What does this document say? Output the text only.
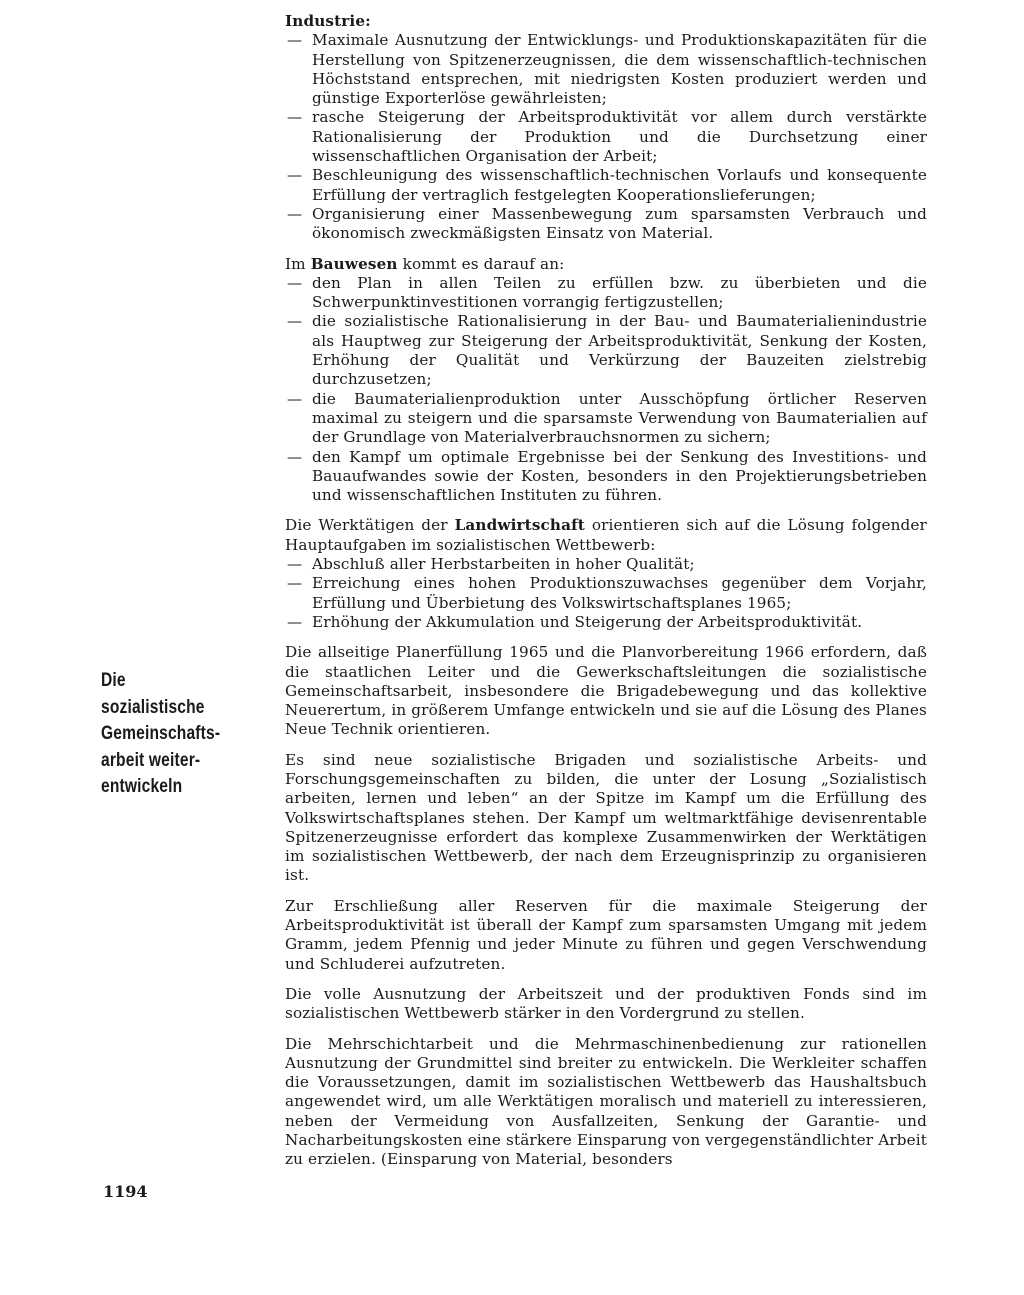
Industrie:

— Maximale Ausnutzung der Entwicklungs- und Produktionskapazitäten für die Herstellung von Spitzenerzeugnissen, die dem wissenschaftlich-technischen Höchststand entsprechen, mit niedrigsten Kosten produziert werden und günstige Exporterlöse gewährleisten;
— rasche Steigerung der Arbeitsproduktivität vor allem durch verstärkte Rationalisierung der Produktion und die Durchsetzung einer wissenschaftlichen Organisation der Arbeit;
— Beschleunigung des wissenschaftlich-technischen Vorlaufs und konsequente Erfüllung der vertraglich festgelegten Kooperationslieferungen;
— Organisierung einer Massenbewegung zum sparsamsten Verbrauch und ökonomisch zweckmäßigsten Einsatz von Material.

Im Bauwesen kommt es darauf an:

— den Plan in allen Teilen zu erfüllen bzw. zu überbieten und die Schwerpunktinvestitionen vorrangig fertigzustellen;
— die sozialistische Rationalisierung in der Bau- und Baumaterialienindustrie als Hauptweg zur Steigerung der Arbeitsproduktivität, Senkung der Kosten, Erhöhung der Qualität und Verkürzung der Bauzeiten zielstrebig durchzusetzen;
— die Baumaterialienproduktion unter Ausschöpfung örtlicher Reserven maximal zu steigern und die sparsamste Verwendung von Baumaterialien auf der Grundlage von Materialverbrauchsnormen zu sichern;
— den Kampf um optimale Ergebnisse bei der Senkung des Investitions- und Bauaufwandes sowie der Kosten, besonders in den Projektierungsbetrieben und wissenschaftlichen Instituten zu führen.

Die Werktätigen der Landwirtschaft orientieren sich auf die Lösung folgender Hauptaufgaben im sozialistischen Wettbewerb:

— Abschluß aller Herbstarbeiten in hoher Qualität;
— Erreichung eines hohen Produktionszuwachses gegenüber dem Vorjahr, Erfüllung und Überbietung des Volkswirtschaftsplanes 1965;
— Erhöhung der Akkumulation und Steigerung der Arbeitsproduktivität.

Die allseitige Planerfüllung 1965 und die Planvorbereitung 1966 erfordern, daß die staatlichen Leiter und die Gewerkschaftsleitungen die sozialistische Gemeinschaftsarbeit, insbesondere die Brigadebewegung und das kollektive Neuerertum, in größerem Umfange entwickeln und sie auf die Lösung des Planes Neue Technik orientieren.

Es sind neue sozialistische Brigaden und sozialistische Arbeits- und Forschungsgemeinschaften zu bilden, die unter der Losung „Sozialistisch arbeiten, lernen und leben“ an der Spitze im Kampf um die Erfüllung des Volkswirtschaftsplanes stehen. Der Kampf um weltmarktfähige devisenrentable Spitzenerzeugnisse erfordert das komplexe Zusammenwirken der Werktätigen im sozialistischen Wettbewerb, der nach dem Erzeugnisprinzip zu organisieren ist.

Zur Erschließung aller Reserven für die maximale Steigerung der Arbeitsproduktivität ist überall der Kampf zum sparsamsten Umgang mit jedem Gramm, jedem Pfennig und jeder Minute zu führen und gegen Verschwendung und Schluderei aufzutreten.

Die volle Ausnutzung der Arbeitszeit und der produktiven Fonds sind im sozialistischen Wettbewerb stärker in den Vordergrund zu stellen.

Die Mehrschichtarbeit und die Mehrmaschinenbedienung zur rationellen Ausnutzung der Grundmittel sind breiter zu entwickeln. Die Werkleiter schaffen die Voraussetzungen, damit im sozialistischen Wettbewerb das Haushaltsbuch angewendet wird, um alle Werktätigen moralisch und materiell zu interessieren, neben der Vermeidung von Ausfallzeiten, Senkung der Garantie- und Nacharbeitungskosten eine stärkere Einsparung von vergegenständlichter Arbeit zu erzielen. (Einsparung von Material, besonders

Die
sozialistische
Gemeinschafts-
arbeit weiter-
entwickeln
1194
